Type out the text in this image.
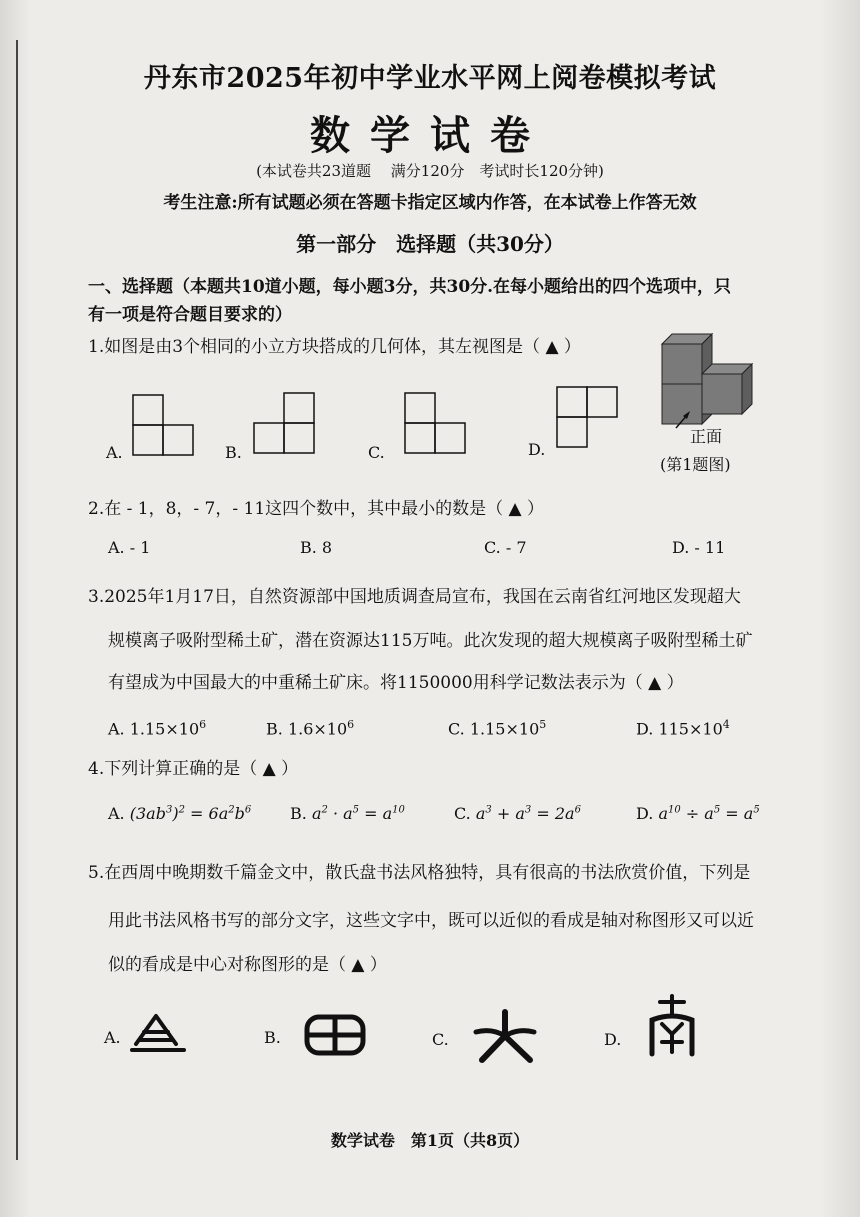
丹东市2025年初中学业水平网上阅卷模拟考试
数学试卷
(本试卷共23道题　 满分120分　考试时长120分钟)
考生注意:所有试题必须在答题卡指定区域内作答，在本试卷上作答无效
第一部分　选择题（共30分）
一、选择题（本题共10道小题，每小题3分，共30分.在每小题给出的四个选项中，只
有一项是符合题目要求的）
1.如图是由3个相同的小立方块搭成的几何体，其左视图是（ ▲ ）
A.	B.	C.	D.
正面
(第1题图)
2.在 - 1，8，- 7，- 11这四个数中，其中最小的数是（ ▲ ）
A. - 1	B. 8	C. - 7	D. - 11
3.2025年1月17日，自然资源部中国地质调查局宣布，我国在云南省红河地区发现超大
规模离子吸附型稀土矿，潜在资源达115万吨。此次发现的超大规模离子吸附型稀土矿
有望成为中国最大的中重稀土矿床。将1150000用科学记数法表示为（ ▲ ）
A. $1.15\times 10^6$	B. $1.6\times 10^6$	C. $1.15\times 10^5$	D. $115\times 10^4$
4.下列计算正确的是（ ▲ ）
A. $(3ab^3)^2 = 6a^2b^6$ B. $a^2 \cdot a^5 = a^{10}$	C. $a^3 + a^3 = 2a^6$	D. $a^{10} \div a^5 = a^5$
5.在西周中晚期数千篇金文中，散氏盘书法风格独特，具有很高的书法欣赏价值，下列是
用此书法风格书写的部分文字，这些文字中，既可以近似的看成是轴对称图形又可以近
似的看成是中心对称图形的是（ ▲ ）
A.	B.	C.	D.
数学试卷　第1页（共8页）
